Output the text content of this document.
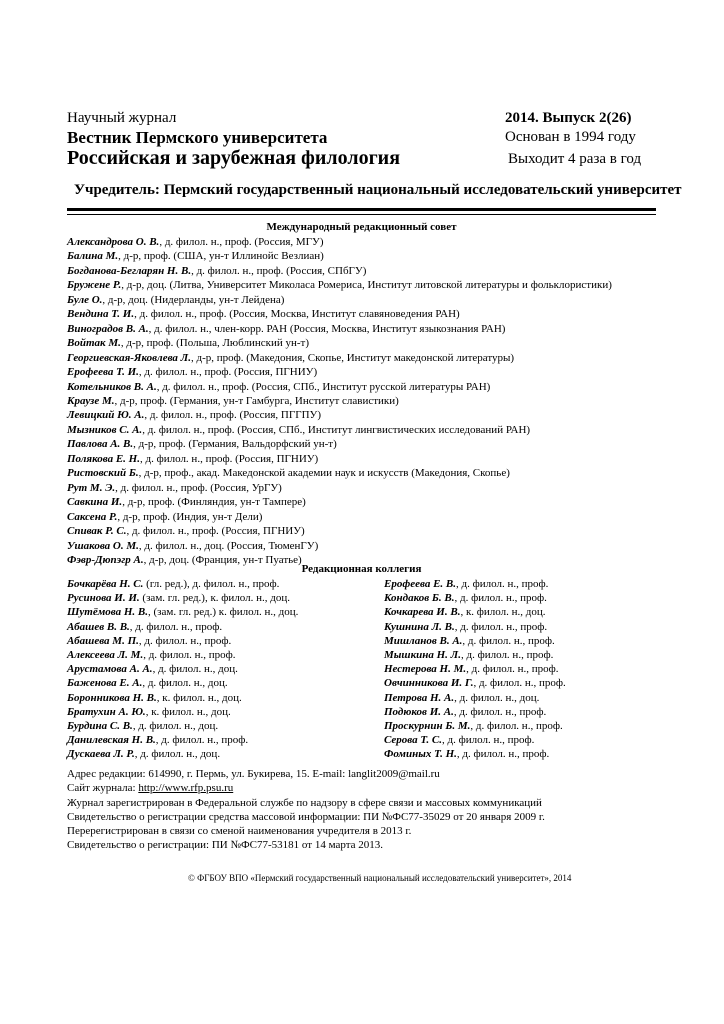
Научный журнал
Вестник Пермского университета
Российская и зарубежная филология
2014. Выпуск 2(26)
Основан в 1994 году
Выходит 4 раза в год
Учредитель: Пермский государственный национальный исследовательский университет
Международный редакционный совет
Александрова О. В., д. филол. н., проф. (Россия, МГУ)
Балина М., д-р, проф. (США, ун-т Иллинойс Везлиан)
Богданова-Бегларян Н. В., д. филол. н., проф. (Россия, СПбГУ)
Бружене Р., д-р, доц. (Литва, Университет Миколаса Ромериса, Институт литовской литературы и фольклористики)
Буле О., д-р, доц. (Нидерланды, ун-т Лейдена)
Вендина Т. И., д. филол. н., проф. (Россия, Москва, Институт славяноведения РАН)
Виноградов В. А., д. филол. н., член-корр. РАН (Россия, Москва, Институт языкознания РАН)
Войтак М., д-р, проф. (Польша, Люблинский ун-т)
Георгиевская-Яковлева Л., д-р, проф. (Македония, Скопье, Институт македонской литературы)
Ерофеева Т. И., д. филол. н., проф. (Россия, ПГНИУ)
Котельников В. А., д. филол. н., проф. (Россия, СПб., Институт русской литературы РАН)
Краузе М., д-р, проф. (Германия, ун-т Гамбурга, Институт славистики)
Левицкий Ю. А., д. филол. н., проф. (Россия, ПГГПУ)
Мызников С. А., д. филол. н., проф. (Россия, СПб., Институт лингвистических исследований РАН)
Павлова А. В., д-р, проф. (Германия, Вальдорфский ун-т)
Полякова Е. Н., д. филол. н., проф. (Россия, ПГНИУ)
Ристовский Б., д-р, проф., акад. Македонской академии наук и искусств (Македония, Скопье)
Рут М. Э., д. филол. н., проф. (Россия, УрГУ)
Савкина И., д-р, проф. (Финляндия, ун-т Тампере)
Саксена Р., д-р, проф. (Индия, ун-т Дели)
Спивак Р. С., д. филол. н., проф. (Россия, ПГНИУ)
Ушакова О. М., д. филол. н., доц. (Россия, ТюменГУ)
Фэвр-Дюпэгр А., д-р, доц. (Франция, ун-т Пуатье)
Редакционная коллегия
Бочкарёва Н. С. (гл. ред.), д. филол. н., проф.
Русинова И. И. (зам. гл. ред.), к. филол. н., доц.
Шутёмова Н. В., (зам. гл. ред.) к. филол. н., доц.
Абашев В. В., д. филол. н., проф.
Абашева М. П., д. филол. н., проф.
Алексеева Л. М., д. филол. н., проф.
Арустамова А. А., д. филол. н., доц.
Баженова Е. А., д. филол. н., доц.
Боронникова Н. В., к. филол. н., доц.
Братухин А. Ю., к. филол. н., доц.
Бурдина С. В., д. филол. н., доц.
Данилевская Н. В., д. филол. н., проф.
Дускаева Л. Р., д. филол. н., доц.
Ерофеева Е. В., д. филол. н., проф.
Кондаков Б. В., д. филол. н., проф.
Кочкарева И. В., к. филол. н., доц.
Кушнина Л. В., д. филол. н., проф.
Мишланов В. А., д. филол. н., проф.
Мышкина Н. Л., д. филол. н., проф.
Нестерова Н. М., д. филол. н., проф.
Овчинникова И. Г., д. филол. н., проф.
Петрова Н. А., д. филол. н., доц.
Подюков И. А., д. филол. н., проф.
Проскурнин Б. М., д. филол. н., проф.
Серова Т. С., д. филол. н., проф.
Фоминых Т. Н., д. филол. н., проф.
Адрес редакции: 614990, г. Пермь, ул. Букирева, 15. E-mail: langlit2009@mail.ru
Сайт журнала: http://www.rfp.psu.ru
Журнал зарегистрирован в Федеральной службе по надзору в сфере связи и массовых коммуникаций
Свидетельство о регистрации средства массовой информации: ПИ №ФС77-35029 от 20 января 2009 г.
Перерегистрирован в связи со сменой наименования учредителя в 2013 г.
Свидетельство о регистрации: ПИ №ФС77-53181 от 14 марта 2013.
© ФГБОУ ВПО «Пермский государственный национальный исследовательский университет», 2014
